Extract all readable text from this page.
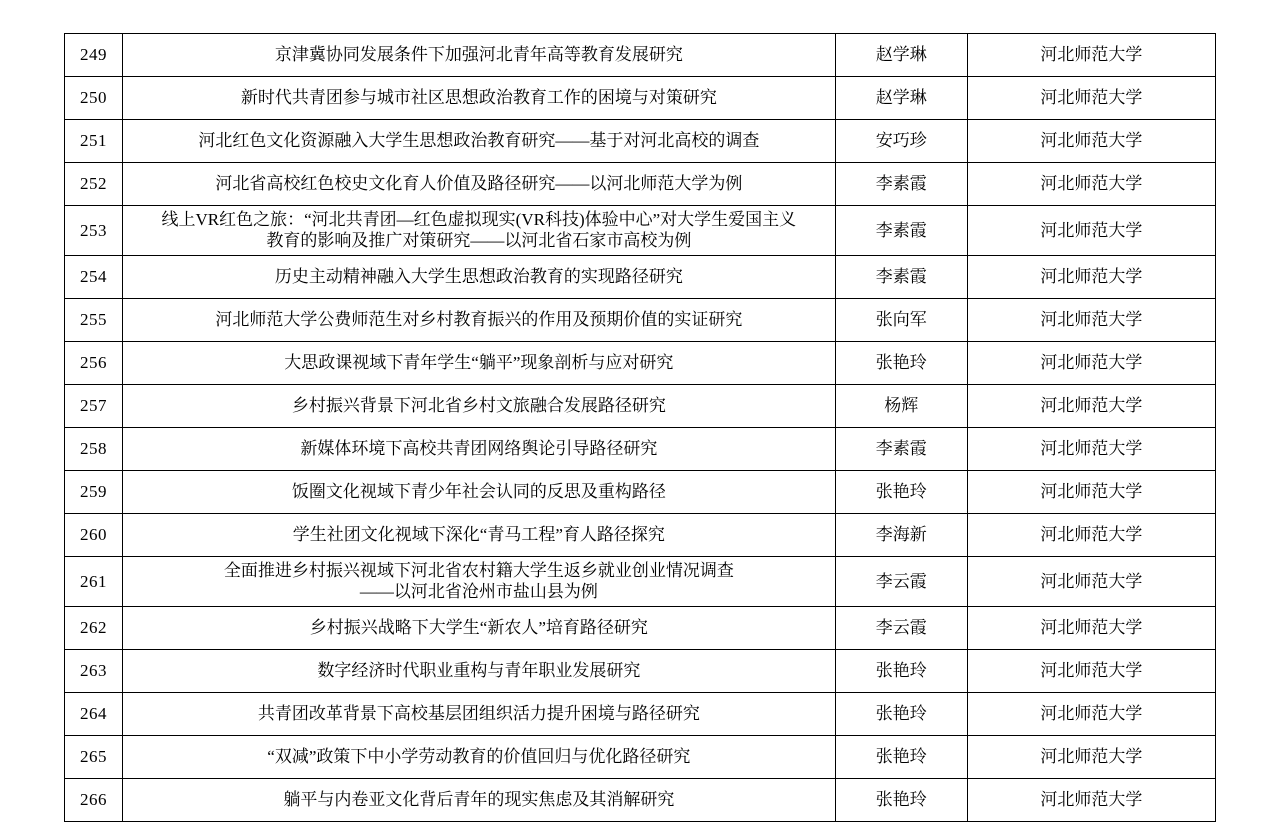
249	京津冀协同发展条件下加强河北青年高等教育发展研究	赵学琳	河北师范大学
250	新时代共青团参与城市社区思想政治教育工作的困境与对策研究	赵学琳	河北师范大学
251	河北红色文化资源融入大学生思想政治教育研究——基于对河北高校的调查	安巧珍	河北师范大学
252	河北省高校红色校史文化育人价值及路径研究——以河北师范大学为例	李素霞	河北师范大学
253	线上VR红色之旅：“河北共青团—红色虚拟现实(VR科技)体验中心”对大学生爱国主义
教育的影响及推广对策研究——以河北省石家市高校为例	李素霞	河北师范大学
254	历史主动精神融入大学生思想政治教育的实现路径研究	李素霞	河北师范大学
255	河北师范大学公费师范生对乡村教育振兴的作用及预期价值的实证研究	张向军	河北师范大学
256	大思政课视域下青年学生“躺平”现象剖析与应对研究	张艳玲	河北师范大学
257	乡村振兴背景下河北省乡村文旅融合发展路径研究	杨辉	河北师范大学
258	新媒体环境下高校共青团网络舆论引导路径研究	李素霞	河北师范大学
259	饭圈文化视域下青少年社会认同的反思及重构路径	张艳玲	河北师范大学
260	学生社团文化视域下深化“青马工程”育人路径探究	李海新	河北师范大学
261	全面推进乡村振兴视域下河北省农村籍大学生返乡就业创业情况调查
——以河北省沧州市盐山县为例	李云霞	河北师范大学
262	乡村振兴战略下大学生“新农人”培育路径研究	李云霞	河北师范大学
263	数字经济时代职业重构与青年职业发展研究	张艳玲	河北师范大学
264	共青团改革背景下高校基层团组织活力提升困境与路径研究	张艳玲	河北师范大学
265	“双减”政策下中小学劳动教育的价值回归与优化路径研究	张艳玲	河北师范大学
266	躺平与内卷亚文化背后青年的现实焦虑及其消解研究	张艳玲	河北师范大学
